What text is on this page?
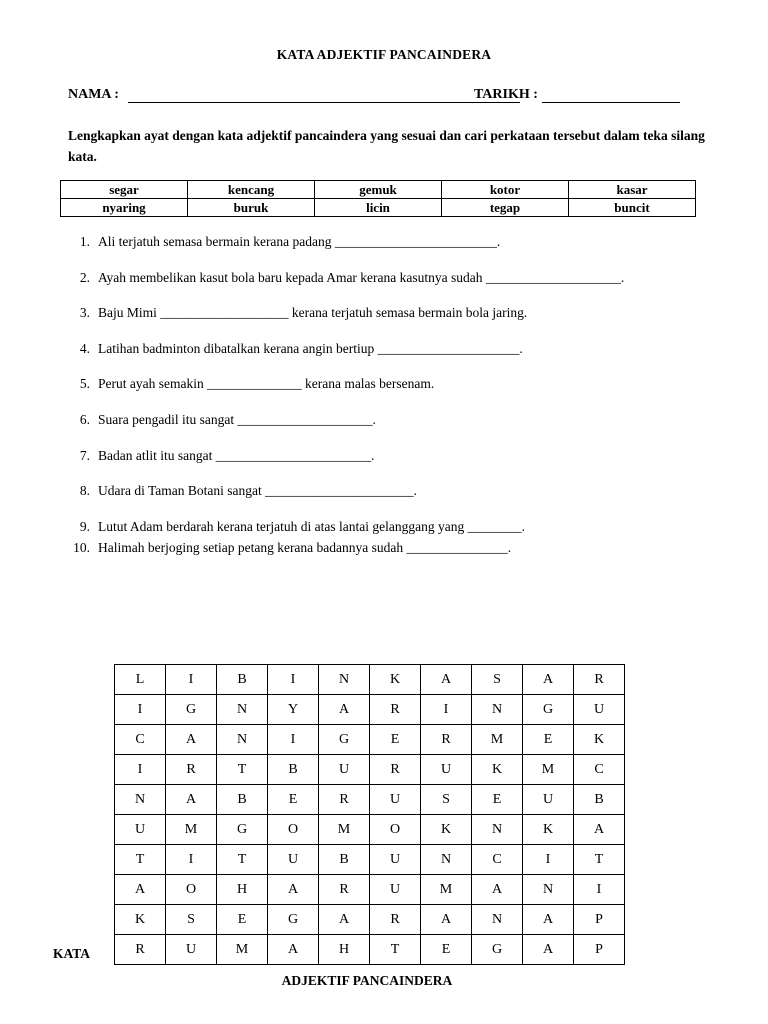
KATA ADJEKTIF PANCAINDERA
NAMA :	TARIKH :
Lengkapkan ayat dengan kata adjektif pancaindera yang sesuai dan cari perkataan tersebut dalam teka silang kata.
segar	kencang	gemuk	kotor	kasar
nyaring	buruk	licin	tegap	buncit
1. Ali terjatuh semasa bermain kerana padang ________________________.
2. Ayah membelikan kasut bola baru kepada Amar kerana kasutnya sudah ____________________.
3. Baju Mimi ___________________ kerana terjatuh semasa bermain bola jaring.
4. Latihan badminton dibatalkan kerana angin bertiup _____________________.
5. Perut ayah semakin ______________ kerana malas bersenam.
6. Suara pengadil itu sangat ____________________.
7. Badan atlit itu sangat _______________________.
8. Udara di Taman Botani sangat ______________________.
9. Lutut Adam berdarah kerana terjatuh di atas lantai gelanggang yang ________.
10. Halimah berjoging setiap petang kerana badannya sudah _______________.
L	I	B	I	N	K	A	S	A	R
I	G	N	Y	A	R	I	N	G	U
C	A	N	I	G	E	R	M	E	K
I	R	T	B	U	R	U	K	M	C
N	A	B	E	R	U	S	E	U	B
U	M	G	O	M	O	K	N	K	A
T	I	T	U	B	U	N	C	I	T
A	O	H	A	R	U	M	A	N	I
K	S	E	G	A	R	A	N	A	P
R	U	M	A	H	T	E	G	A	P
KATA
ADJEKTIF PANCAINDERA
